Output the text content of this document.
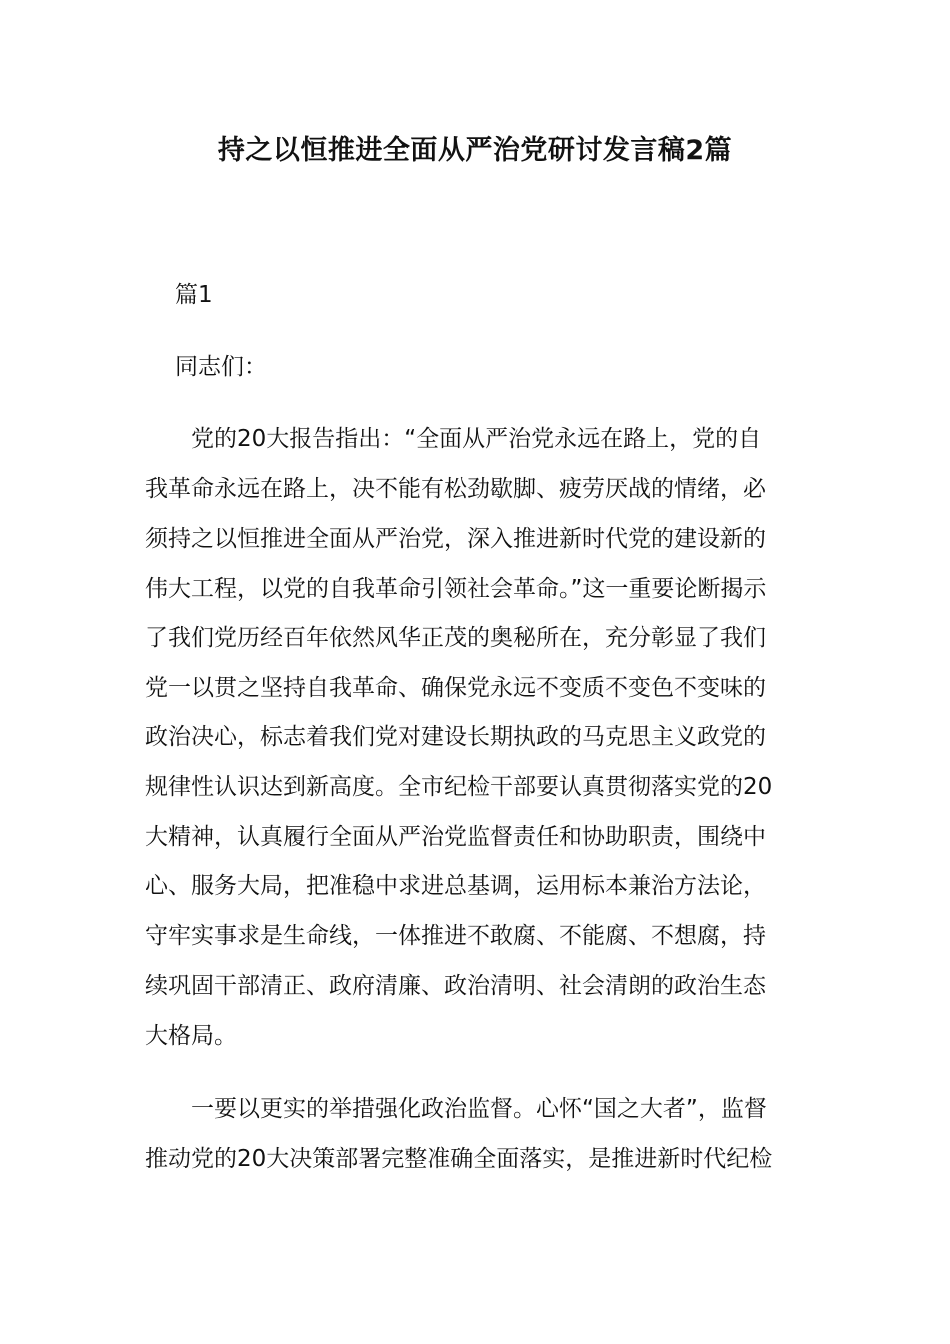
持之以恒推进全面从严治党研讨发言稿2篇
篇1
同志们：
　　党的20大报告指出：“全面从严治党永远在路上，党的自
我革命永远在路上，决不能有松劲歇脚、疲劳厌战的情绪，必
须持之以恒推进全面从严治党，深入推进新时代党的建设新的
伟大工程，以党的自我革命引领社会革命。”这一重要论断揭示
了我们党历经百年依然风华正茂的奥秘所在，充分彰显了我们
党一以贯之坚持自我革命、确保党永远不变质不变色不变味的
政治决心，标志着我们党对建设长期执政的马克思主义政党的
规律性认识达到新高度。全市纪检干部要认真贯彻落实党的20
大精神，认真履行全面从严治党监督责任和协助职责，围绕中
心、服务大局，把准稳中求进总基调，运用标本兼治方法论，
守牢实事求是生命线，一体推进不敢腐、不能腐、不想腐，持
续巩固干部清正、政府清廉、政治清明、社会清朗的政治生态
大格局。
　　一要以更实的举措强化政治监督。心怀“国之大者”，监督
推动党的20大决策部署完整准确全面落实，是推进新时代纪检
